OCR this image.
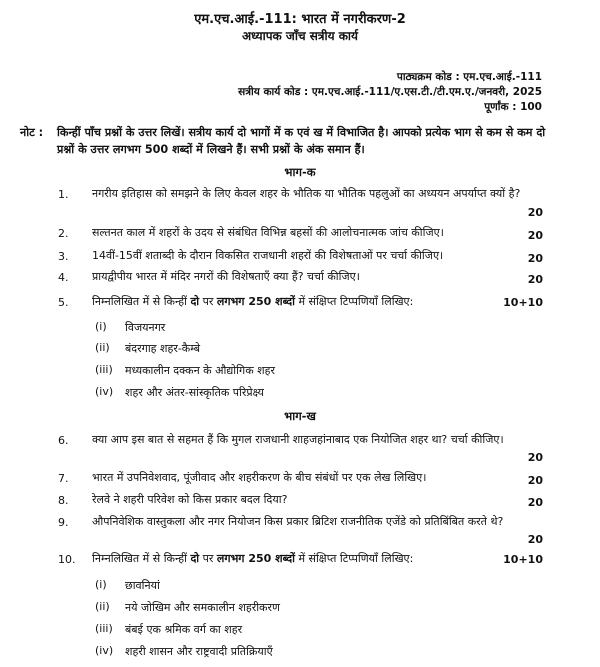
एम.एच.आई.-111: भारत में नगरीकरण-2
अध्यापक जाँच सत्रीय कार्य
पाठ्यक्रम कोड : एम.एच.आई.-111
सत्रीय कार्य कोड : एम.एच.आई.-111/ए.एस.टी./टी.एम.ए./जनवरी, 2025
पूर्णांक : 100
नोट : किन्हीं पाँच प्रश्नों के उत्तर लिखें। सत्रीय कार्य दो भागों में क एवं ख में विभाजित है। आपको प्रत्येक भाग से कम से कम दो प्रश्नों के उत्तर लगभग 500 शब्दों में लिखने हैं। सभी प्रश्नों के अंक समान हैं।
भाग-क
1. नगरीय इतिहास को समझने के लिए केवल शहर के भौतिक या भौतिक पहलुओं का अध्ययन अपर्याप्त क्यों है?
20
2. सल्तनत काल में शहरों के उदय से संबंधित विभिन्न बहसों की आलोचनात्मक जांच कीजिए।	20
3. 14वीं-15वीं शताब्दी के दौरान विकसित राजधानी शहरों की विशेषताओं पर चर्चा कीजिए।	20
4. प्रायद्वीपीय भारत में मंदिर नगरों की विशेषताएँ क्या हैं? चर्चा कीजिए।	20
5. निम्नलिखित में से किन्हीं दो पर लगभग 250 शब्दों में संक्षिप्त टिप्पणियाँ लिखिए:	10+10
(i) विजयनगर
(ii) बंदरगाह शहर-कैम्बे
(iii) मध्यकालीन दक्कन के औद्योगिक शहर
(iv) शहर और अंतर-सांस्कृतिक परिप्रेक्ष्य
भाग-ख
6. क्या आप इस बात से सहमत हैं कि मुगल राजधानी शाहजहांनाबाद एक नियोजित शहर था? चर्चा कीजिए।
20
7. भारत में उपनिवेशवाद, पूंजीवाद और शहरीकरण के बीच संबंधों पर एक लेख लिखिए।	20
8. रेलवे ने शहरी परिवेश को किस प्रकार बदल दिया?	20
9. औपनिवेशिक वास्तुकला और नगर नियोजन किस प्रकार ब्रिटिश राजनीतिक एजेंडे को प्रतिबिंबित करते थे?
20
10. निम्नलिखित में से किन्हीं दो पर लगभग 250 शब्दों में संक्षिप्त टिप्पणियाँ लिखिए:	10+10
(i) छावनियां
(ii) नये जोखिम और समकालीन शहरीकरण
(iii) बंबई एक श्रमिक वर्ग का शहर
(iv) शहरी शासन और राष्ट्रवादी प्रतिक्रियाएँ
